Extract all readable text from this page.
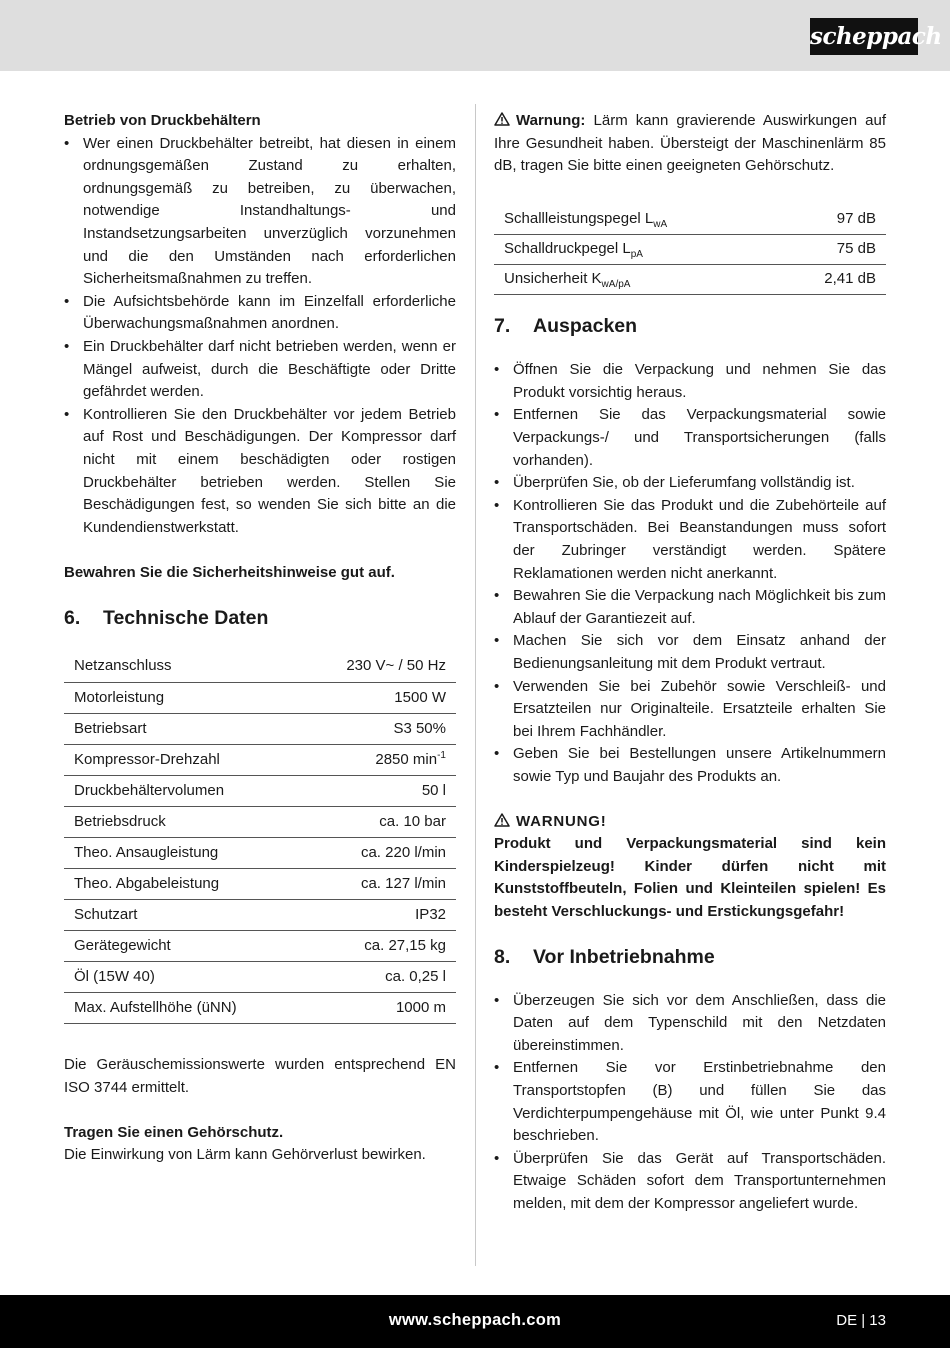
scheppach

Betrieb von Druckbehältern

• Wer einen Druckbehälter betreibt, hat diesen in einem ordnungsgemäßen Zustand zu erhalten, ordnungsgemäß zu betreiben, zu überwachen, notwendige Instandhaltungs- und Instandsetzungsarbeiten unverzüglich vorzunehmen und die den Umständen nach erforderlichen Sicherheitsmaßnahmen zu treffen.
• Die Aufsichtsbehörde kann im Einzelfall erforderliche Überwachungsmaßnahmen anordnen.
• Ein Druckbehälter darf nicht betrieben werden, wenn er Mängel aufweist, durch die Beschäftigte oder Dritte gefährdet werden.
• Kontrollieren Sie den Druckbehälter vor jedem Betrieb auf Rost und Beschädigungen. Der Kompressor darf nicht mit einem beschädigten oder rostigen Druckbehälter betrieben werden. Stellen Sie Beschädigungen fest, so wenden Sie sich bitte an die Kundendienstwerkstatt.

Bewahren Sie die Sicherheitshinweise gut auf.

6. Technische Daten
Netzanschluss	230 V~ / 50 Hz
Motorleistung	1500 W
Betriebsart	S3 50%
Kompressor-Drehzahl	2850 $\min^{-1}$
Druckbehältervolumen	50 l
Betriebsdruck	ca. 10 bar
Theo. Ansaugleistung	ca. 220 l/min
Theo. Abgabeleistung	ca. 127 l/min
Schutzart	IP32
Gerätegewicht	ca. 27,15 kg
Öl (15W 40)	ca. 0,25 l
Max. Aufstellhöhe (üNN)	1000 m

Die Geräuschemissionswerte wurden entsprechend EN ISO 3744 ermittelt.

Tragen Sie einen Gehörschutz.

Die Einwirkung von Lärm kann Gehörverlust bewirken.

Warnung: Lärm kann gravierende Auswirkungen auf Ihre Gesundheit haben. Übersteigt der Maschinenlärm 85 dB, tragen Sie bitte einen geeigneten Gehörschutz.

Schallleistungspegel $L_{wA}$	97 dB
Schalldruckpegel $L_{pA}$	75 dB
Unsicherheit $K_{wA/pA}$	2,41 dB
7. Auspacken
• Öffnen Sie die Verpackung und nehmen Sie das Produkt vorsichtig heraus.
• Entfernen Sie das Verpackungsmaterial sowie Verpackungs-/ und Transportsicherungen (falls vorhanden).
• Überprüfen Sie, ob der Lieferumfang vollständig ist.
• Kontrollieren Sie das Produkt und die Zubehörteile auf Transportschäden. Bei Beanstandungen muss sofort der Zubringer verständigt werden. Spätere Reklamationen werden nicht anerkannt.
• Bewahren Sie die Verpackung nach Möglichkeit bis zum Ablauf der Garantiezeit auf.
• Machen Sie sich vor dem Einsatz anhand der Bedienungsanleitung mit dem Produkt vertraut.
• Verwenden Sie bei Zubehör sowie Verschleiß- und Ersatzteilen nur Originalteile. Ersatzteile erhalten Sie bei Ihrem Fachhändler.
• Geben Sie bei Bestellungen unsere Artikelnummern sowie Typ und Baujahr des Produkts an.

WARNUNG!

Produkt und Verpackungsmaterial sind kein Kinderspielzeug! Kinder dürfen nicht mit Kunststoffbeuteln, Folien und Kleinteilen spielen! Es besteht Verschluckungs- und Erstickungsgefahr!

8. Vor Inbetriebnahme
• Überzeugen Sie sich vor dem Anschließen, dass die Daten auf dem Typenschild mit den Netzdaten übereinstimmen.
• Entfernen Sie vor Erstinbetriebnahme den Transportstopfen (B) und füllen Sie das Verdichterpumpengehäuse mit Öl, wie unter Punkt 9.4 beschrieben.
• Überprüfen Sie das Gerät auf Transportschäden. Etwaige Schäden sofort dem Transportunternehmen melden, mit dem der Kompressor angeliefert wurde.
www.scheppach.com	DE | 13
